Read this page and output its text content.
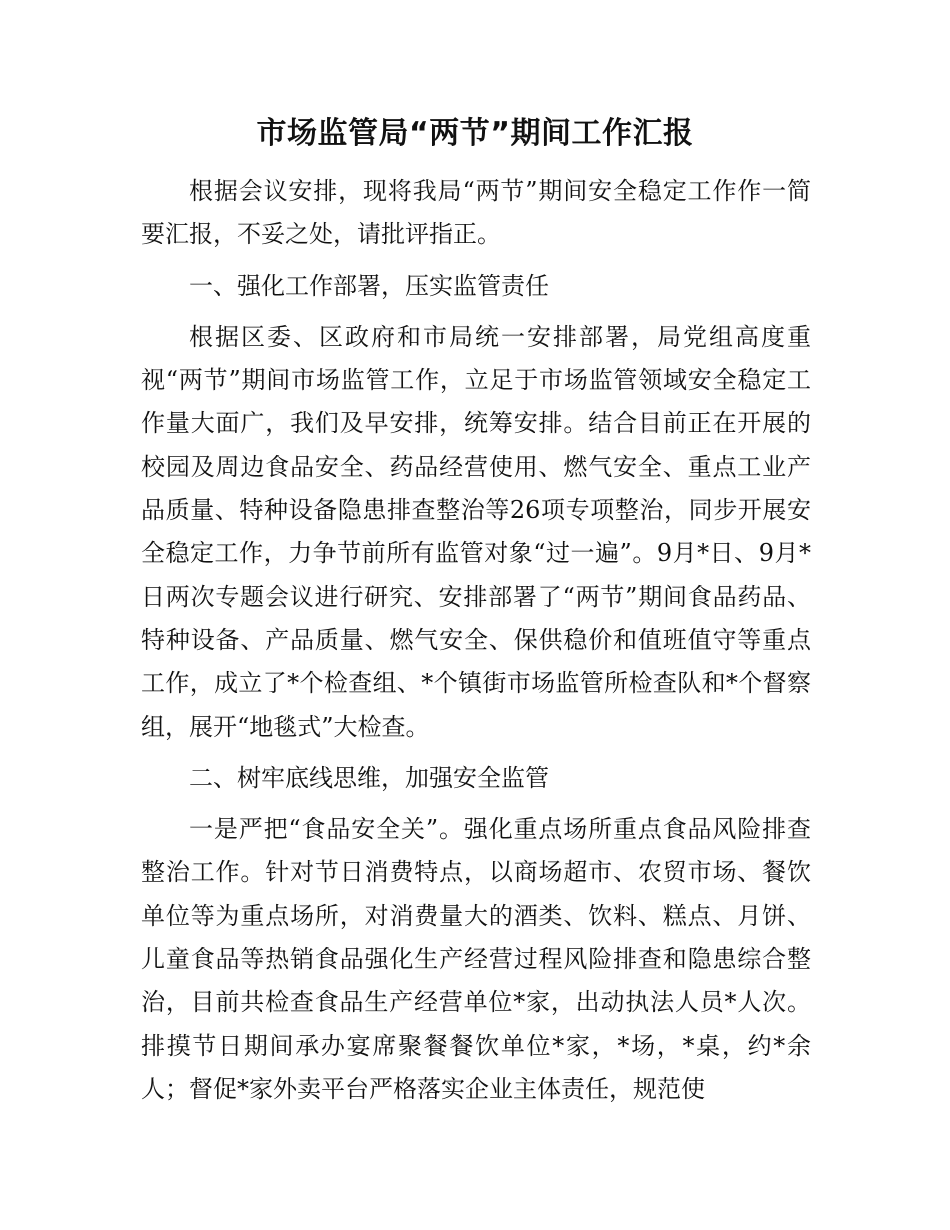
市场监管局“两节”期间工作汇报

根据会议安排，现将我局“两节”期间安全稳定工作作一简要汇报，不妥之处，请批评指正。

一、强化工作部署，压实监管责任

根据区委、区政府和市局统一安排部署，局党组高度重视“两节”期间市场监管工作，立足于市场监管领域安全稳定工作量大面广，我们及早安排，统筹安排。结合目前正在开展的校园及周边食品安全、药品经营使用、燃气安全、重点工业产品质量、特种设备隐患排查整治等26项专项整治，同步开展安全稳定工作，力争节前所有监管对象“过一遍”。9月*日、9月*日两次专题会议进行研究、安排部署了“两节”期间食品药品、特种设备、产品质量、燃气安全、保供稳价和值班值守等重点工作，成立了*个检查组、*个镇街市场监管所检查队和*个督察组，展开“地毯式”大检查。

二、树牢底线思维，加强安全监管

一是严把“食品安全关”。强化重点场所重点食品风险排查整治工作。针对节日消费特点，以商场超市、农贸市场、餐饮单位等为重点场所，对消费量大的酒类、饮料、糕点、月饼、儿童食品等热销食品强化生产经营过程风险排查和隐患综合整治，目前共检查食品生产经营单位*家，出动执法人员*人次。排摸节日期间承办宴席聚餐餐饮单位*家，*场，*桌，约*余人；督促*家外卖平台严格落实企业主体责任，规范使
